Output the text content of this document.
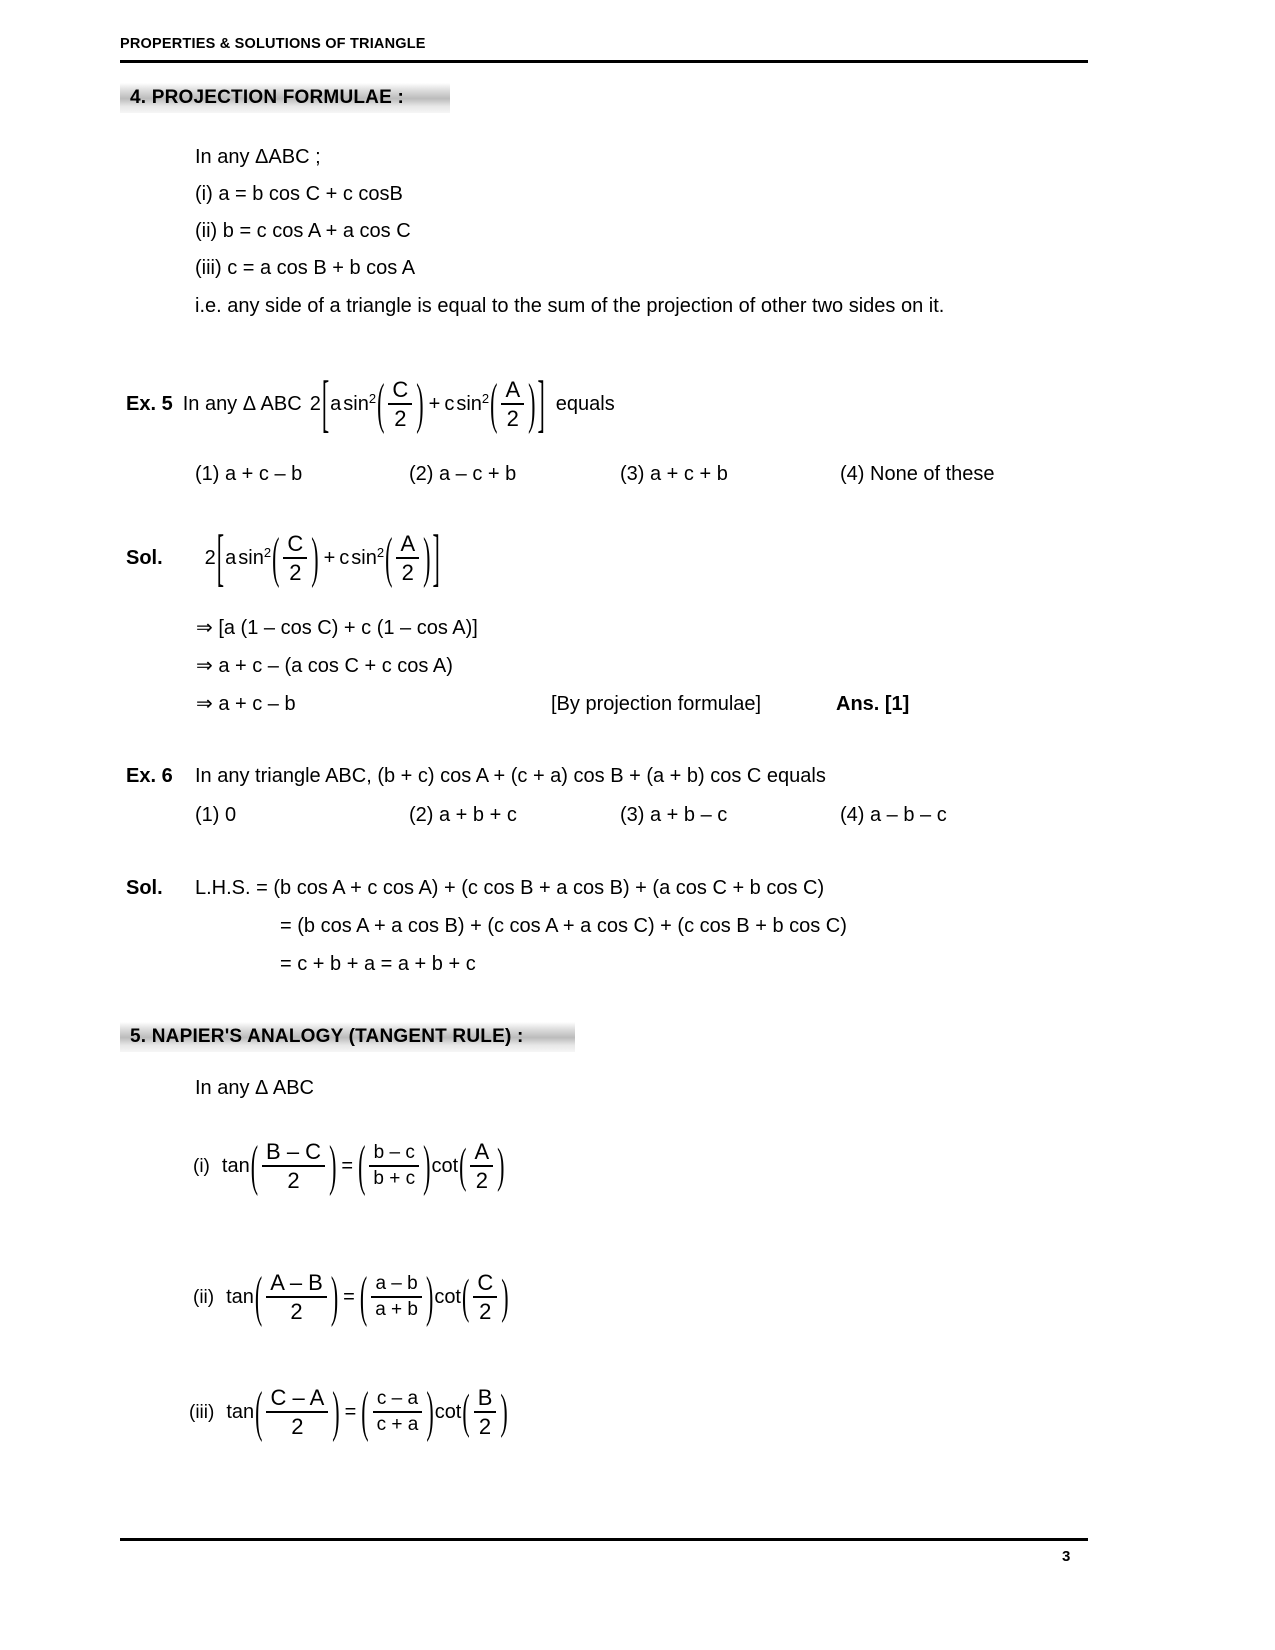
PROPERTIES & SOLUTIONS OF TRIANGLE
4. PROJECTION FORMULAE :
In any ΔABC ;
(i) a = b cos C + c cosB
(ii) b = c cos A + a cos C
(iii) c = a cos B + b cos A
i.e. any side of a triangle is equal to the sum of the projection of other two sides on it.
Ex. 5 In any Δ ABC 2 [ a sin 2 ( $\frac{C}{2}$ ) + c sin 2 ( $\frac{A}{2}$ ) ] equals
(1) a + c – b	(2) a – c + b	(3) a + c + b	(4) None of these
Sol. 2 [ a sin 2 ( $\frac{C}{2}$ ) + c sin 2 ( $\frac{A}{2}$ ) ]
⇒ [a (1 – cos C) + c (1 – cos A)]
⇒ a + c – (a cos C + c cos A)
⇒ a + c – b	[By projection formulae]	Ans. [1]
Ex. 6 In any triangle ABC, (b + c) cos A + (c + a) cos B + (a + b) cos C equals
(1) 0	(2) a + b + c	(3) a + b – c	(4) a – b – c
Sol. L.H.S. = (b cos A + c cos A) + (c cos B + a cos B) + (a cos C + b cos C)
= (b cos A + a cos B) + (c cos A + a cos C) + (c cos B + b cos C)
= c + b + a = a + b + c
5. NAPIER'S ANALOGY (TANGENT RULE) :
In any Δ ABC
(i) tan ( $\frac{B - C}{2}$ ) = ( $\frac{b - c}{b + c}$ ) cot ( $\frac{A}{2}$ )
(ii) tan ( $\frac{A - B}{2}$ ) = ( $\frac{a - b}{a + b}$ ) cot ( $\frac{C}{2}$ )
(iii) tan ( $\frac{C - A}{2}$ ) = ( $\frac{c - a}{c + a}$ ) cot ( $\frac{B}{2}$ )
3
